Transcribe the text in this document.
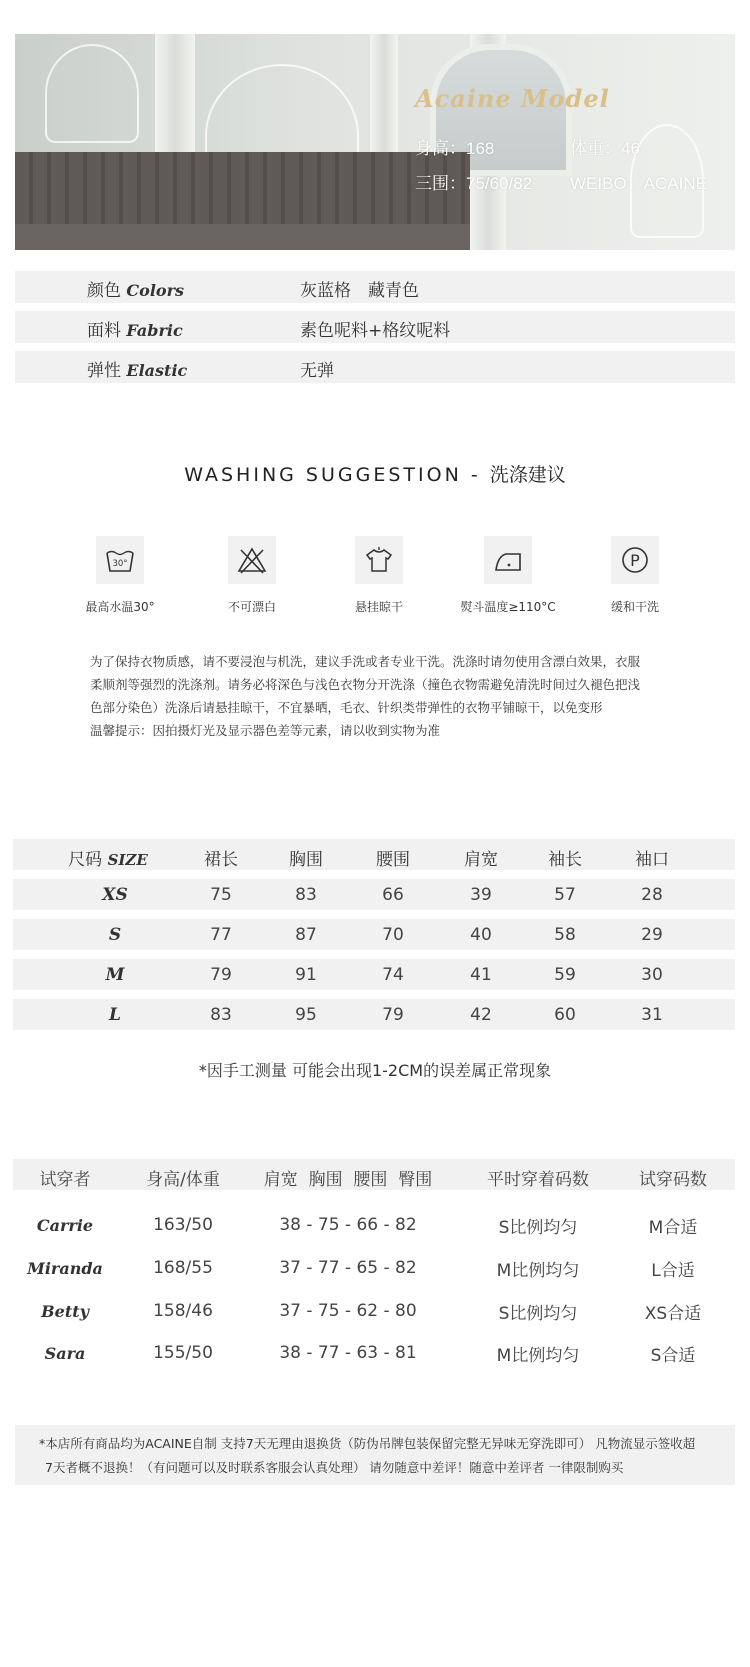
Acaine Model
身高：168	体重：46
三围：75/60/82 WEIBO：ACAINE
颜色 Colors	灰蓝格　藏青色
面料 Fabric	素色呢料+格纹呢料
弹性 Elastic	无弹
WASHING SUGGESTION - 洗涤建议
30°	P
最高水温30°	不可漂白	悬挂晾干	熨斗温度≥110°C	缓和干洗
为了保持衣物质感，请不要浸泡与机洗，建议手洗或者专业干洗。洗涤时请勿使用含漂白效果，衣服
柔顺剂等强烈的洗涤剂。请务必将深色与浅色衣物分开洗涤（撞色衣物需避免清洗时间过久褪色把浅
色部分染色）洗涤后请悬挂晾干，不宜暴晒，毛衣、针织类带弹性的衣物平铺晾干，以免变形
温馨提示：因拍摄灯光及显示器色差等元素，请以收到实物为准
尺码 SIZE	裙长	胸围	腰围	肩宽	袖长	袖口
XS	75	83	66	39	57	28
S	77	87	70	40	58	29
M	79	91	74	41	59	30
L	83	95	79	42	60	31
*因手工测量 可能会出现1-2CM的误差属正常现象
试穿者	身高/体重	肩宽  胸围  腰围  臀围	平时穿着码数	试穿码数
Carrie	163/50	38 - 75 - 66 - 82	S比例均匀	M合适
Miranda	168/55	37 - 77 - 65 - 82	M比例均匀	L合适
Betty	158/46	37 - 75 - 62 - 80	S比例均匀	XS合适
Sara	155/50	38 - 77 - 63 - 81	M比例均匀	S合适

*本店所有商品均为ACAINE自制 支持7天无理由退换货（防伪吊牌包装保留完整无异味无穿洗即可） 凡物流显示签收超

7天者概不退换！（有问题可以及时联系客服会认真处理） 请勿随意中差评！随意中差评者 一律限制购买
